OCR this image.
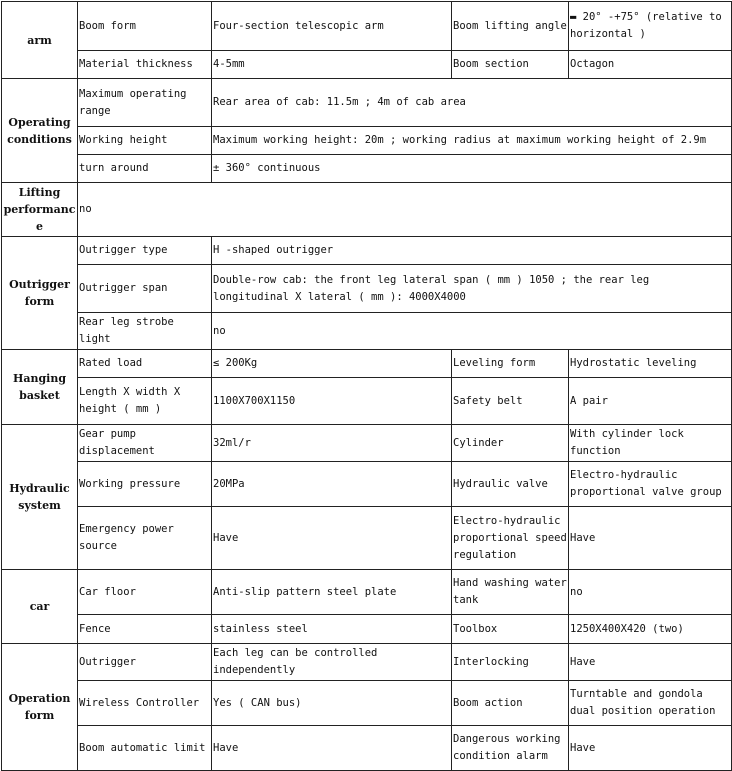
arm	Boom form	Four-section telescopic arm	Boom lifting angle	▬ 20° -+75° (relative to horizontal )
	Material thickness	4-5mm	Boom section	Octagon
Operating conditions	Maximum operating range	Rear area of cab: 11.5m ; 4m of cab area		
	Working height	Maximum working height: 20m ; working radius at maximum working height of 2.9m		
	turn around	± 360° continuous		
Lifting performance	no			
Outrigger form	Outrigger type	H -shaped outrigger		
	Outrigger span	Double-row cab: the front leg lateral span ( mm ) 1050 ; the rear leg longitudinal X lateral ( mm ): 4000X4000		
	Rear leg strobe light	no		
Hanging basket	Rated load	≤ 200Kg	Leveling form	Hydrostatic leveling
	Length X width X height ( mm )	1100X700X1150	Safety belt	A pair
Hydraulic system	Gear pump displacement	32ml/r	Cylinder	With cylinder lock function
	Working pressure	20MPa	Hydraulic valve	Electro-hydraulic proportional valve group
	Emergency power source	Have	Electro-hydraulic proportional speed regulation	Have
car	Car floor	Anti-slip pattern steel plate	Hand washing water tank	no
	Fence	stainless steel	Toolbox	1250X400X420 (two)
Operation form	Outrigger	Each leg can be controlled independently	Interlocking	Have
	Wireless Controller	Yes ( CAN bus)	Boom action	Turntable and gondola dual position operation
	Boom automatic limit	Have	Dangerous working condition alarm	Have
